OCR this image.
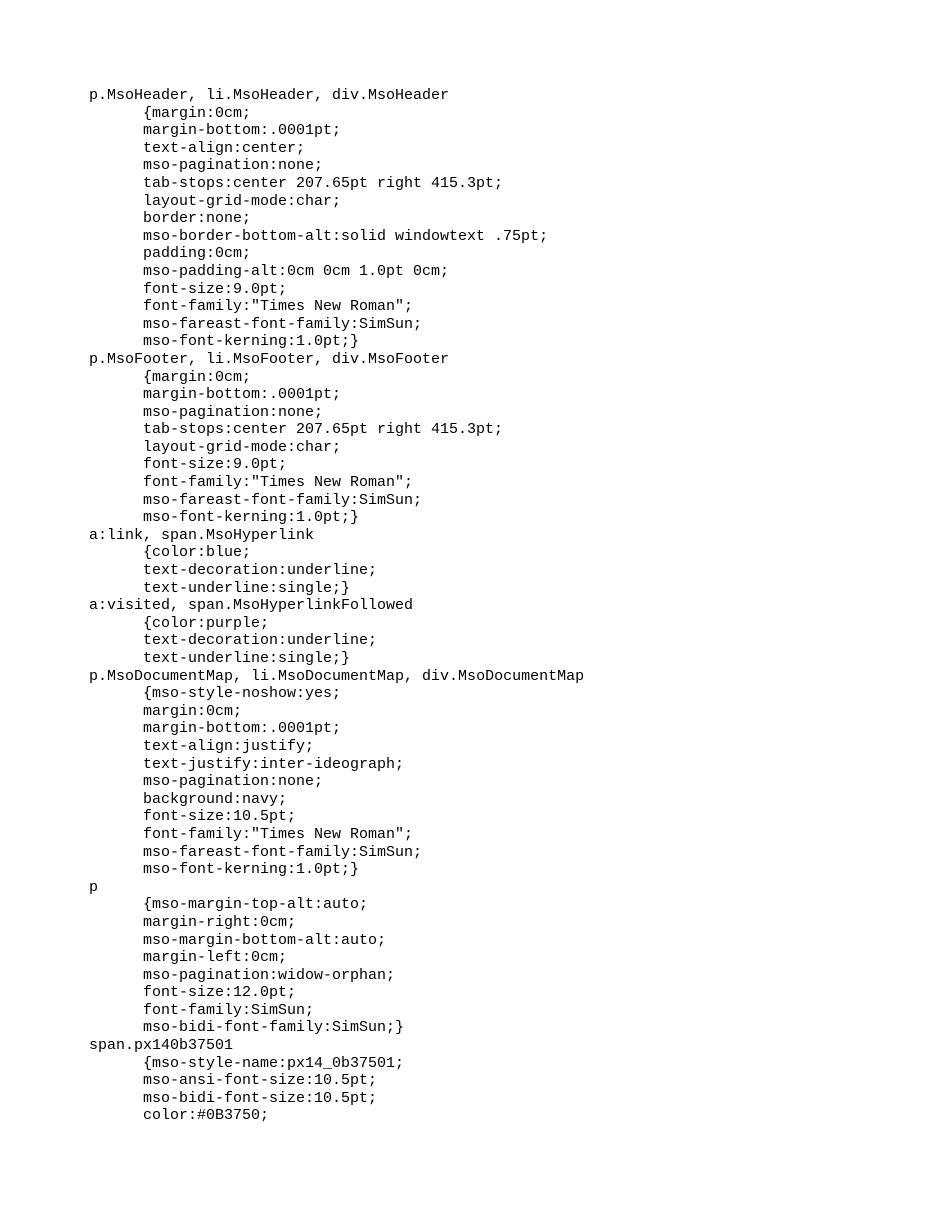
p.MsoHeader, li.MsoHeader, div.MsoHeader
{margin:0cm;
margin-bottom:.0001pt;
text-align:center;
mso-pagination:none;
tab-stops:center 207.65pt right 415.3pt;
layout-grid-mode:char;
border:none;
mso-border-bottom-alt:solid windowtext .75pt;
padding:0cm;
mso-padding-alt:0cm 0cm 1.0pt 0cm;
font-size:9.0pt;
font-family:"Times New Roman";
mso-fareast-font-family:SimSun;
mso-font-kerning:1.0pt;}
p.MsoFooter, li.MsoFooter, div.MsoFooter
{margin:0cm;
margin-bottom:.0001pt;
mso-pagination:none;
tab-stops:center 207.65pt right 415.3pt;
layout-grid-mode:char;
font-size:9.0pt;
font-family:"Times New Roman";
mso-fareast-font-family:SimSun;
mso-font-kerning:1.0pt;}
a:link, span.MsoHyperlink
{color:blue;
text-decoration:underline;
text-underline:single;}
a:visited, span.MsoHyperlinkFollowed
{color:purple;
text-decoration:underline;
text-underline:single;}
p.MsoDocumentMap, li.MsoDocumentMap, div.MsoDocumentMap
{mso-style-noshow:yes;
margin:0cm;
margin-bottom:.0001pt;
text-align:justify;
text-justify:inter-ideograph;
mso-pagination:none;
background:navy;
font-size:10.5pt;
font-family:"Times New Roman";
mso-fareast-font-family:SimSun;
mso-font-kerning:1.0pt;}
p
{mso-margin-top-alt:auto;
margin-right:0cm;
mso-margin-bottom-alt:auto;
margin-left:0cm;
mso-pagination:widow-orphan;
font-size:12.0pt;
font-family:SimSun;
mso-bidi-font-family:SimSun;}
span.px140b37501
{mso-style-name:px14_0b37501;
mso-ansi-font-size:10.5pt;
mso-bidi-font-size:10.5pt;
color:#0B3750;
